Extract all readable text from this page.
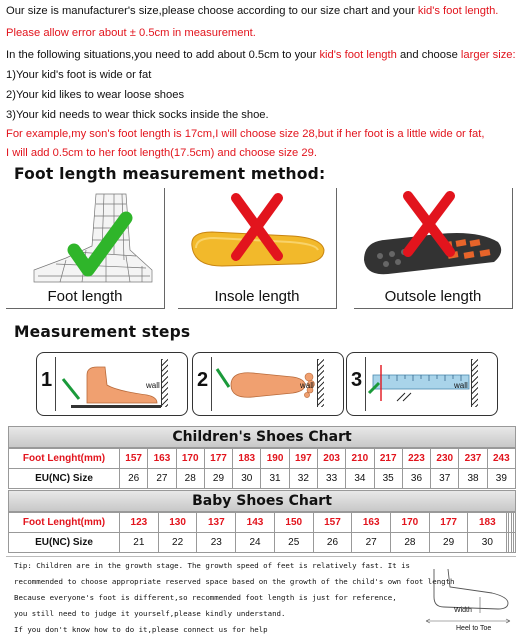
Our size is manufacturer's size,please choose according to our size chart and your kid's foot length.
Please allow error about ± 0.5cm in measurement.
In the following situations,you need to add about 0.5cm to your kid's foot length and choose larger size:
1)Your kid's foot is wide or fat
2)Your kid likes to wear loose shoes
3)Your kid needs to wear thick socks inside the shoe.
For example,my son's foot length is 17cm,I will choose size 28,but if her foot is a little wide or fat,
I will add 0.5cm to her foot length(17.5cm) and choose size 29.
Foot length measurement method:
Foot length	Insole length	Outsole length
Measurement steps
1	wall 2	wall 3	wall
Children's Shoes Chart
Foot Lenght(mm)	157	163	170	177	183	190	197	203	210	217	223	230	237	243
EU(NC) Size	26	27	28	29	30	31	32	33	34	35	36	37	38	39
Baby Shoes Chart
Foot Lenght(mm)	123	130	137	143	150	157	163	170	177	183				
EU(NC) Size	21	22	23	24	25	26	27	28	29	30				
Tip: Children are in the growth stage. The growth speed of feet is relatively fast. It is
recommended to choose appropriate reserved space based on the growth of the child's own foot length
Because everyone's foot is different,so recommended foot length is just for reference,
you still need to judge it yourself,please kindly understand.
If you don't know how to do it,please connect us for help
Width
Heel to Toe
